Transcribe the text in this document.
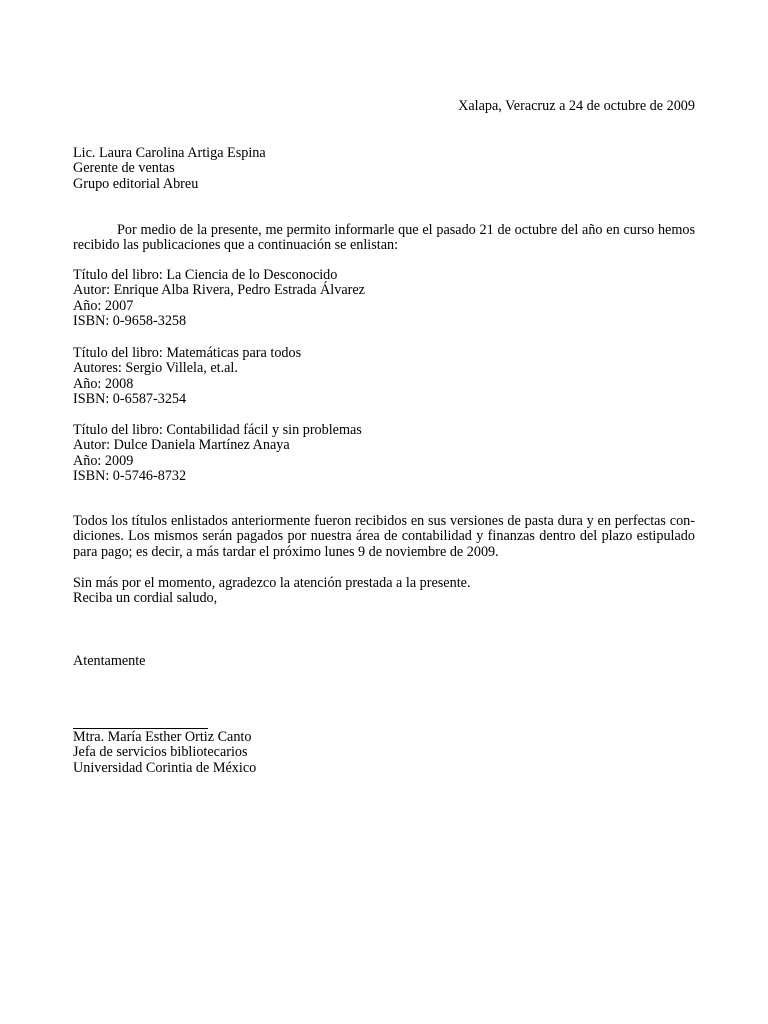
Xalapa, Veracruz a 24 de octubre de 2009
Lic. Laura Carolina Artiga Espina
Gerente de ventas
Grupo editorial Abreu

Por medio de la presente, me permito informarle que el pasado 21 de octubre del año en curso hemos recibido las publicaciones que a continuación se enlistan:

Título del libro: La Ciencia de lo Desconocido
Autor: Enrique Alba Rivera, Pedro Estrada Álvarez
Año: 2007
ISBN: 0-9658-3258
Título del libro: Matemáticas para todos
Autores: Sergio Villela, et.al.
Año: 2008
ISBN: 0-6587-3254
Título del libro: Contabilidad fácil y sin problemas
Autor: Dulce Daniela Martínez Anaya
Año: 2009
ISBN: 0-5746-8732

Todos los títulos enlistados anteriormente fueron recibidos en sus versiones de pasta dura y en perfectas condiciones. Los mismos serán pagados por nuestra área de contabilidad y finanzas dentro del plazo estipulado para pago; es decir, a más tardar el próximo lunes 9 de noviembre de 2009.

Sin más por el momento, agradezco la atención prestada a la presente.
Reciba un cordial saludo,
Atentamente
Mtra. María Esther Ortiz Canto
Jefa de servicios bibliotecarios
Universidad Corintia de México
